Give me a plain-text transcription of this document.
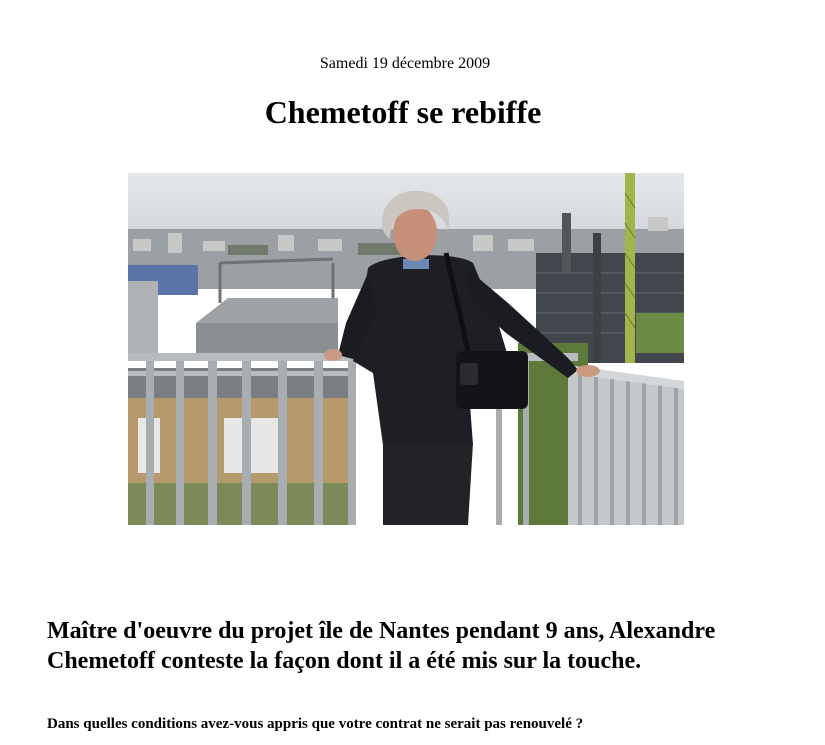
Samedi 19 décembre 2009
Chemetoff se rebiffe

Maître d'oeuvre du projet île de Nantes pendant 9 ans, Alexandre Chemetoff conteste la façon dont il a été mis sur la touche.

Dans quelles conditions avez-vous appris que votre contrat ne serait pas renouvelé ?
